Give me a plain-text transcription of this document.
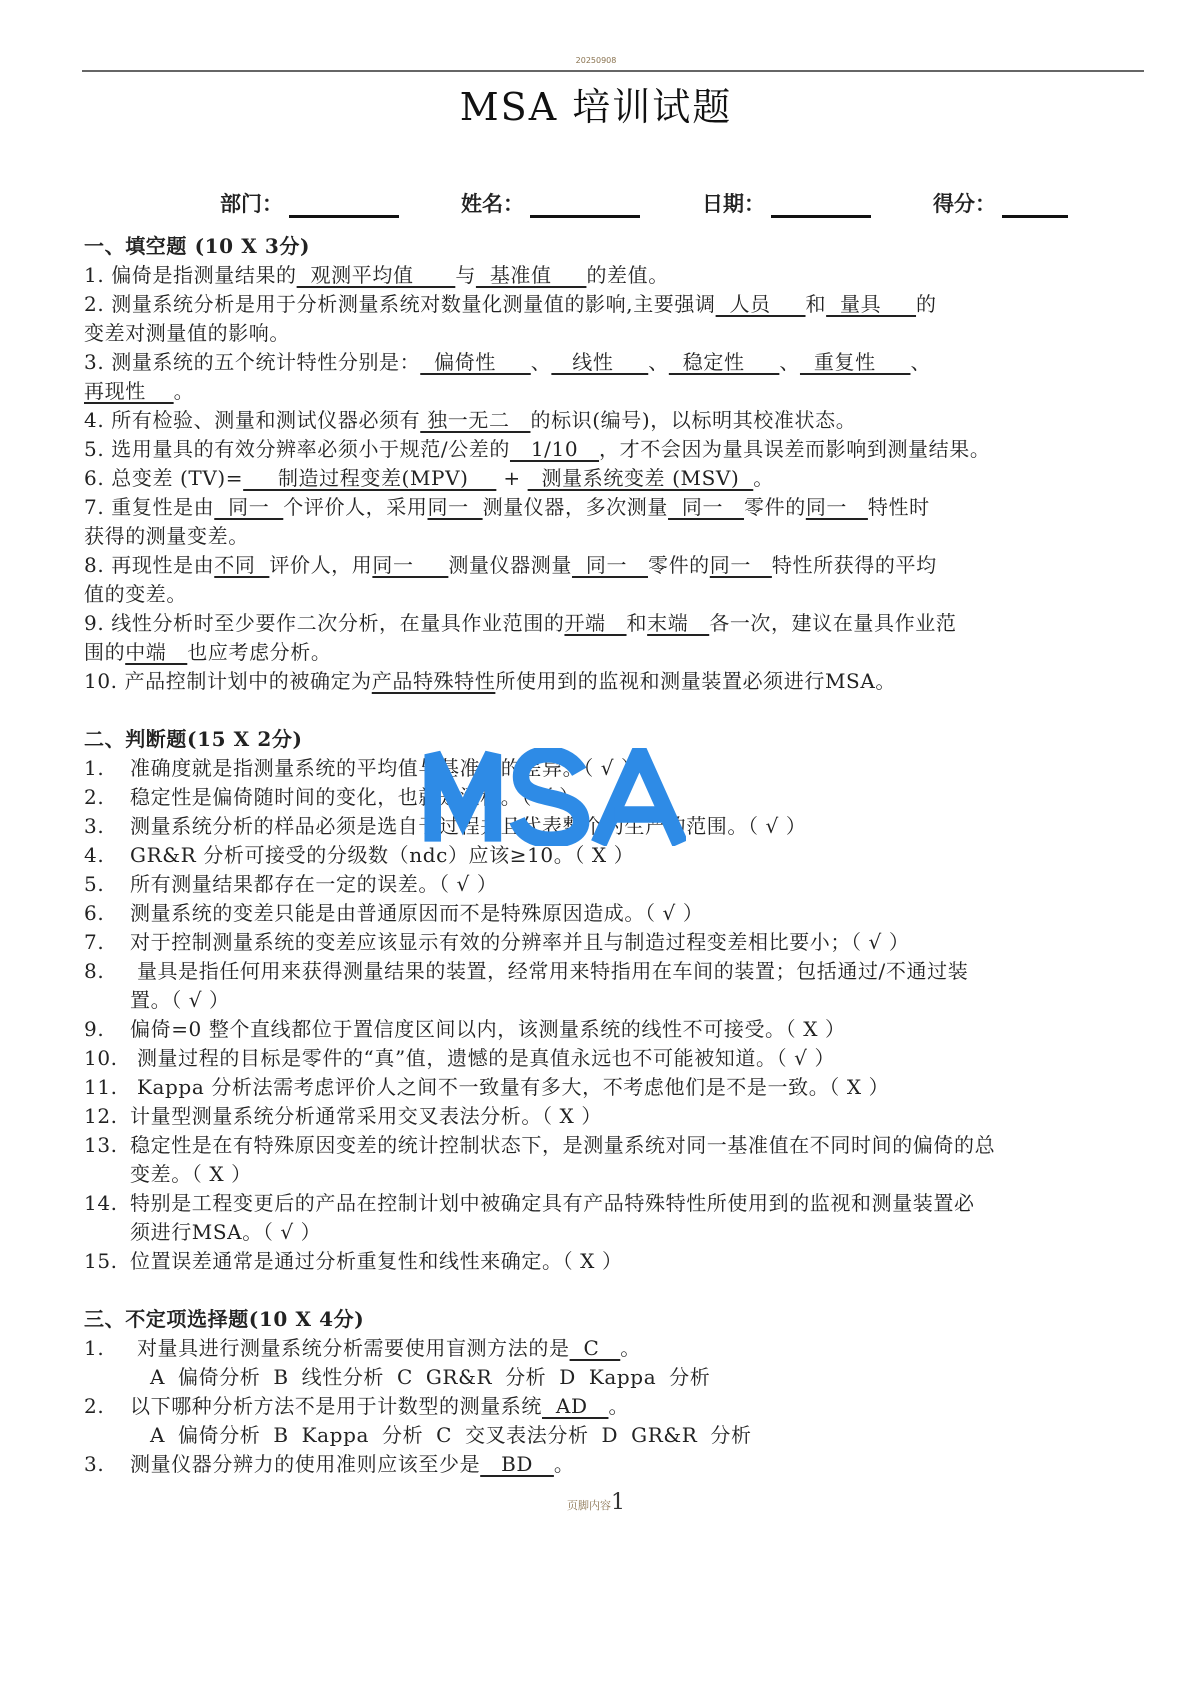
20250908
MSA 培训试题
部门：	姓名：	日期：	得分：
一、填空题 (10 X 3分)
1. 偏倚是指测量结果的  观测平均值      与  基准值     的差值。
2. 测量系统分析是用于分析测量系统对数量化测量值的影响,主要强调  人员     和  量具     的
变差对测量值的影响。
3. 测量系统的五个统计特性分别是：  偏倚性     、   线性     、  稳定性     、  重复性     、
再现性    。
4. 所有检验、测量和测试仪器必须有 独一无二   的标识(编号)，以标明其校准状态。
5. 选用量具的有效分辨率必须小于规范/公差的   1/10   ，才不会因为量具误差而影响到测量结果。
6. 总变差 (TV)=     制造过程变差(MPV)     +   测量系统变差 (MSV)  。
7. 重复性是由  同一  个评价人，采用同一  测量仪器，多次测量  同一   零件的同一   特性时
获得的测量变差。
8. 再现性是由不同  评价人，用同一     测量仪器测量  同一   零件的同一   特性所获得的平均
值的变差。
9. 线性分析时至少要作二次分析，在量具作业范围的开端   和末端   各一次，建议在量具作业范
围的中端   也应考虑分析。
10. 产品控制计划中的被确定为产品特殊特性所使用到的监视和测量装置必须进行MSA。
二、判断题(15 X 2分)
1. 准确度就是指测量系统的平均值与基准值的差异。（ √ ）
2. 稳定性是偏倚随时间的变化，也就是漂移。（ √ ）
3. 测量系统分析的样品必须是选自于过程并且代表整个的生产的范围。（ √ ）
4. GR&R 分析可接受的分级数（ndc）应该≥10。（ X ）
5. 所有测量结果都存在一定的误差。（ √ ）
6. 测量系统的变差只能是由普通原因而不是特殊原因造成。（ √ ）
7. 对于控制测量系统的变差应该显示有效的分辨率并且与制造过程变差相比要小；（ √ ）
8. 量具是指任何用来获得测量结果的装置，经常用来特指用在车间的装置；包括通过/不通过装
置。（ √ ）
9. 偏倚=0 整个直线都位于置信度区间以内，该测量系统的线性不可接受。（ X ）
10. 测量过程的目标是零件的“真”值，遗憾的是真值永远也不可能被知道。（ √ ）
11. Kappa 分析法需考虑评价人之间不一致量有多大，不考虑他们是不是一致。（ X ）
12. 计量型测量系统分析通常采用交叉表法分析。（ X ）
13. 稳定性是在有特殊原因变差的统计控制状态下，是测量系统对同一基准值在不同时间的偏倚的总
变差。（ X ）
14. 特别是工程变更后的产品在控制计划中被确定具有产品特殊特性所使用到的监视和测量装置必
须进行MSA。（ √ ）
15. 位置误差通常是通过分析重复性和线性来确定。（ X ）
三、不定项选择题(10 X 4分)
1. 对量具进行测量系统分析需要使用盲测方法的是  C   。
A 偏倚分析 B 线性分析 C GR&R 分析 D Kappa 分析
2. 以下哪种分析方法不是用于计数型的测量系统  AD   。
A 偏倚分析 B Kappa 分析 C 交叉表法分析 D GR&R 分析
3. 测量仪器分辨力的使用准则应该至少是   BD   。
页脚内容1
